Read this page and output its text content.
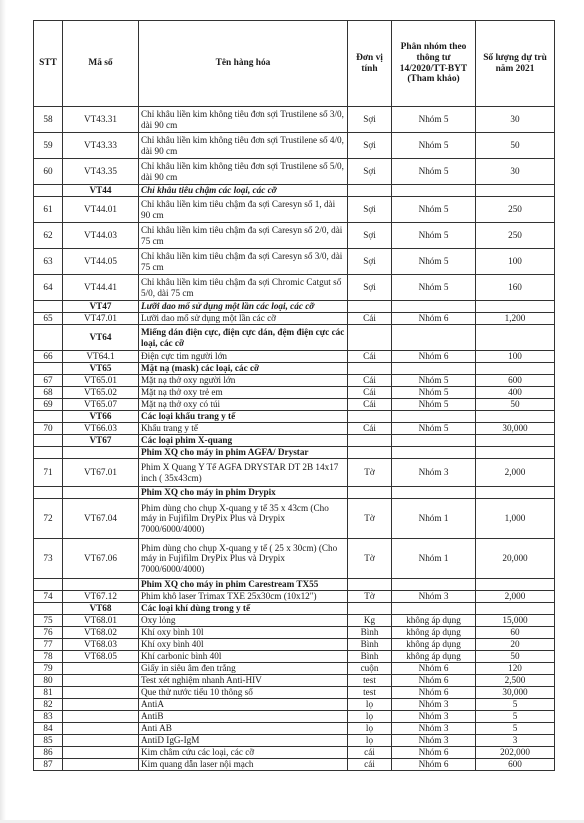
STT	Mã số	Tên hàng hóa	Đơn vị tính	Phân nhóm theo thông tư 14/2020/TT-BYT (Tham khảo)	Số lượng dự trù năm 2021
58	VT43.31	Chỉ khâu liền kim không tiêu đơn sợi Trustilene số 3/0, dài 90 cm	Sợi	Nhóm 5	30
59	VT43.33	Chỉ khâu liền kim không tiêu đơn sợi Trustilene số 4/0, dài 90 cm	Sợi	Nhóm 5	50
60	VT43.35	Chỉ khâu liền kim không tiêu đơn sợi Trustilene số 5/0, dài 90 cm	Sợi	Nhóm 5	30
	VT44	Chỉ khâu tiêu chậm các loại, các cỡ			
61	VT44.01	Chỉ khâu liền kim tiêu chậm đa sợi Caresyn số 1, dài 90 cm	Sợi	Nhóm 5	250
62	VT44.03	Chỉ khâu liền kim tiêu chậm đa sợi Caresyn số 2/0, dài 75 cm	Sợi	Nhóm 5	250
63	VT44.05	Chỉ khâu liền kim tiêu chậm đa sợi Caresyn số 3/0, dài 75 cm	Sợi	Nhóm 5	100
64	VT44.41	Chỉ khâu liền kim tiêu chậm đa sợi Chromic Catgut số 5/0, dài 75 cm	Sợi	Nhóm 5	160
	VT47	Lưỡi dao mổ sử dụng một lần các loại, các cỡ			
65	VT47.01	Lưỡi dao mổ sử dụng một lần các cỡ	Cái	Nhóm 6	1,200
	VT64	Miếng dán điện cực, điện cực dán, đệm điện cực các loại, các cỡ			
66	VT64.1	Điện cực tim người lớn	Cái	Nhóm 6	100
	VT65	Mặt nạ (mask) các loại, các cỡ			
67	VT65.01	Mặt nạ thở oxy người lớn	Cái	Nhóm 5	600
68	VT65.02	Mặt nạ thở oxy trẻ em	Cái	Nhóm 5	400
69	VT65.07	Mặt nạ thở oxy có túi	Cái	Nhóm 5	50
	VT66	Các loại khẩu trang y tế			
70	VT66.03	Khẩu trang y tế	Cái	Nhóm 5	30,000
	VT67	Các loại phim X-quang			
		Phim XQ cho máy in phim AGFA/ Drystar			
71	VT67.01	Phim X Quang Y Tế AGFA DRYSTAR DT 2B 14x17 inch ( 35x43cm)	Tờ	Nhóm 3	2,000
		Phim XQ cho máy in phim Drypix			
72	VT67.04	Phim dùng cho chụp X-quang y tế 35 x 43cm (Cho máy in Fujifilm DryPix Plus và Drypix 7000/6000/4000)	Tờ	Nhóm 1	1,000
73	VT67.06	Phim dùng cho chụp X-quang y tế ( 25 x 30cm) (Cho máy in Fujifilm DryPix Plus và Drypix 7000/6000/4000)	Tờ	Nhóm 1	20,000
		Phim XQ cho máy in phim Carestream TX55			
74	VT67.12	Phim khô laser Trimax TXE 25x30cm (10x12")	Tờ	Nhóm 3	2,000
	VT68	Các loại khí dùng trong y tế			
75	VT68.01	Oxy lỏng	Kg	không áp dụng	15,000
76	VT68.02	Khí oxy bình 10l	Bình	không áp dụng	60
77	VT68.03	Khí oxy bình 40l	Bình	không áp dụng	20
78	VT68.05	Khí carbonic bình 40l	Bình	không áp dụng	50
79		Giấy in siêu âm đen trắng	cuộn	Nhóm 6	120
80		Test xét nghiệm nhanh Anti-HIV	test	Nhóm 6	2,500
81		Que thử nước tiểu 10 thông số	test	Nhóm 6	30,000
82		AntiA	lọ	Nhóm 3	5
83		AntiB	lọ	Nhóm 3	5
84		Anti AB	lọ	Nhóm 3	5
85		AntiD IgG-IgM	lọ	Nhóm 3	3
86		Kim châm cứu các loại, các cỡ	cái	Nhóm 6	202,000
87		Kim quang dẫn laser nội mạch	cái	Nhóm 6	600
